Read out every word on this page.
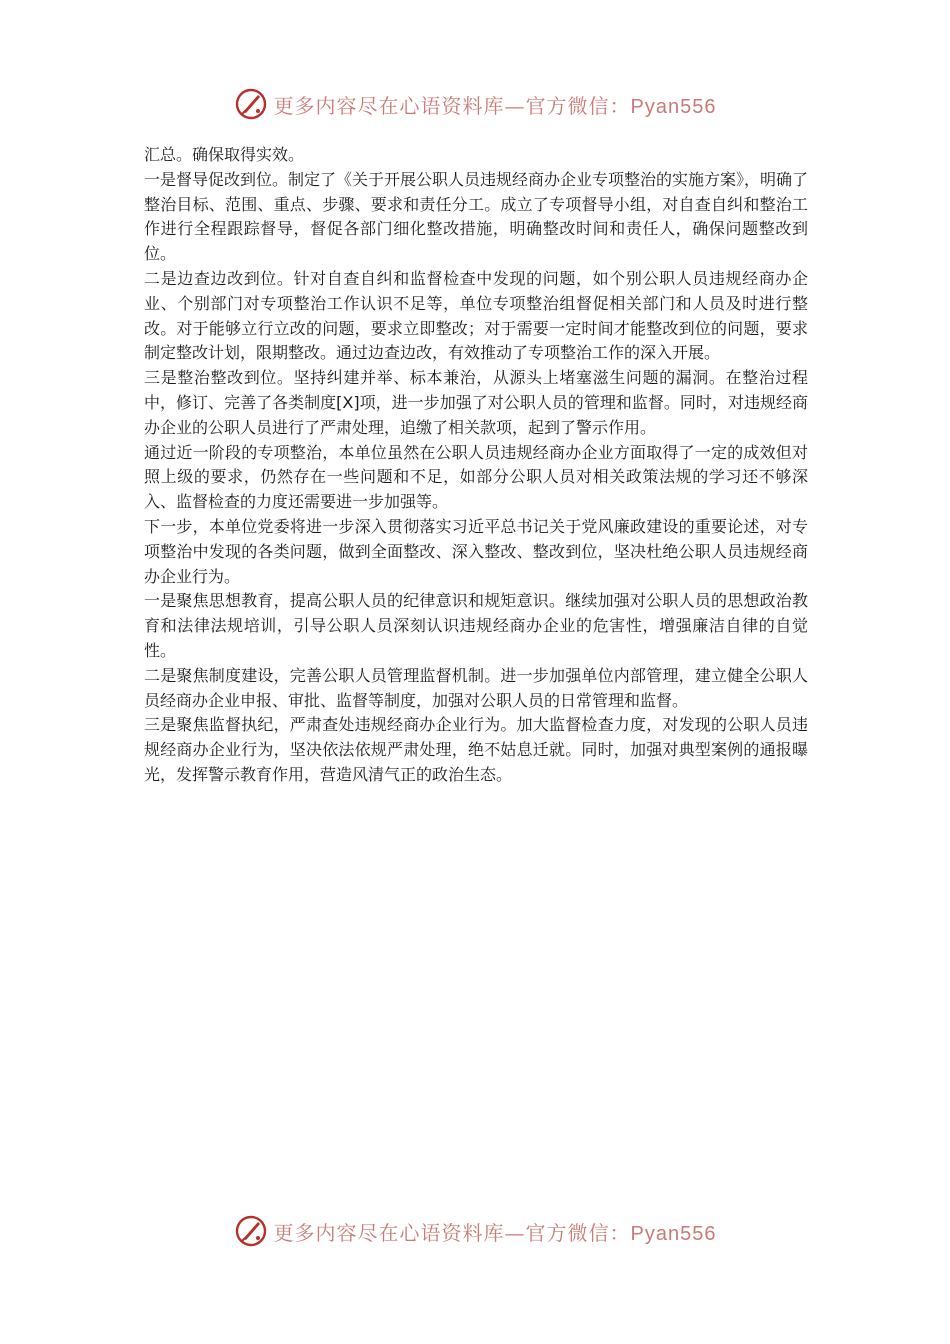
更多内容尽在心语资料库—官方微信：Pyan556

汇总。确保取得实效。

一是督导促改到位。制定了《关于开展公职人员违规经商办企业专项整治的实施方案》，明确了整治目标、范围、重点、步骤、要求和责任分工。成立了专项督导小组，对自查自纠和整治工作进行全程跟踪督导，督促各部门细化整改措施，明确整改时间和责任人，确保问题整改到位。

二是边查边改到位。针对自查自纠和监督检查中发现的问题，如个别公职人员违规经商办企业、个别部门对专项整治工作认识不足等，单位专项整治组督促相关部门和人员及时进行整改。对于能够立行立改的问题，要求立即整改；对于需要一定时间才能整改到位的问题，要求制定整改计划，限期整改。通过边查边改，有效推动了专项整治工作的深入开展。

三是整治整改到位。坚持纠建并举、标本兼治，从源头上堵塞滋生问题的漏洞。在整治过程中，修订、完善了各类制度[X]项，进一步加强了对公职人员的管理和监督。同时，对违规经商办企业的公职人员进行了严肃处理，追缴了相关款项，起到了警示作用。

通过近一阶段的专项整治，本单位虽然在公职人员违规经商办企业方面取得了一定的成效但对照上级的要求，仍然存在一些问题和不足，如部分公职人员对相关政策法规的学习还不够深入、监督检查的力度还需要进一步加强等。

下一步，本单位党委将进一步深入贯彻落实习近平总书记关于党风廉政建设的重要论述，对专项整治中发现的各类问题，做到全面整改、深入整改、整改到位，坚决杜绝公职人员违规经商办企业行为。

一是聚焦思想教育，提高公职人员的纪律意识和规矩意识。继续加强对公职人员的思想政治教育和法律法规培训，引导公职人员深刻认识违规经商办企业的危害性，增强廉洁自律的自觉性。

二是聚焦制度建设，完善公职人员管理监督机制。进一步加强单位内部管理，建立健全公职人员经商办企业申报、审批、监督等制度，加强对公职人员的日常管理和监督。

三是聚焦监督执纪，严肃查处违规经商办企业行为。加大监督检查力度，对发现的公职人员违规经商办企业行为，坚决依法依规严肃处理，绝不姑息迁就。同时，加强对典型案例的通报曝光，发挥警示教育作用，营造风清气正的政治生态。

更多内容尽在心语资料库—官方微信：Pyan556
